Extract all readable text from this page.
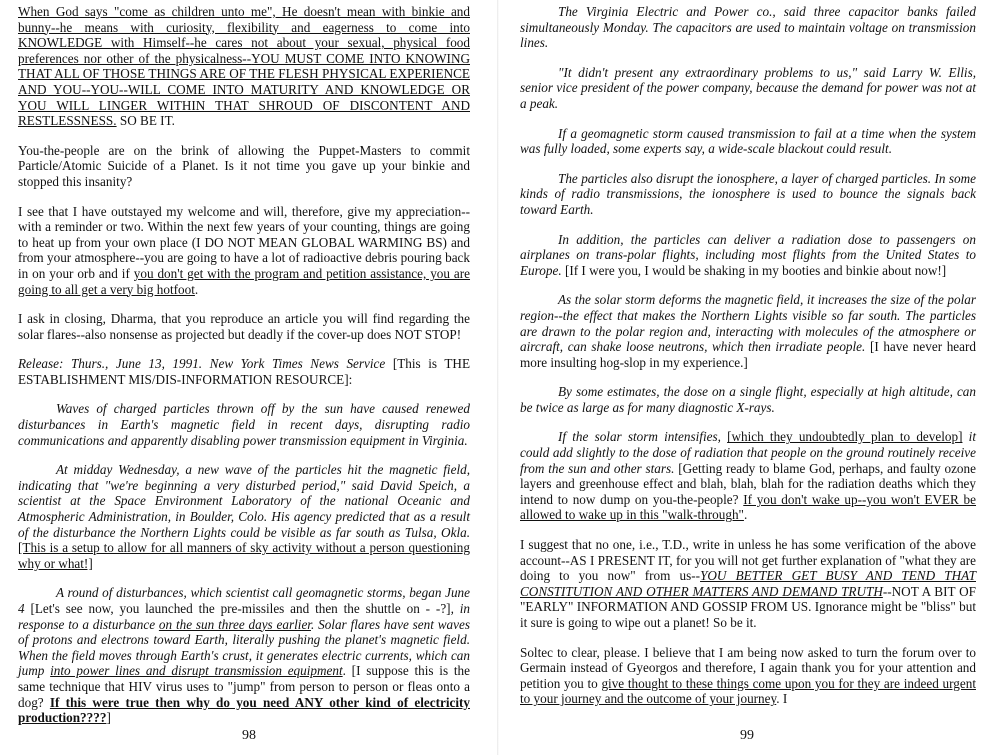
When God says "come as children unto me", He doesn't mean with binkie and bunny--he means with curiosity, flexibility and eagerness to come into KNOWLEDGE with Himself--he cares not about your sexual, physical food preferences nor other of the physicalness--YOU MUST COME INTO KNOWING THAT ALL OF THOSE THINGS ARE OF THE FLESH PHYSICAL EXPERIENCE AND YOU--YOU--WILL COME INTO MATURITY AND KNOWLEDGE OR YOU WILL LINGER WITHIN THAT SHROUD OF DISCONTENT AND RESTLESSNESS. SO BE IT.

You-the-people are on the brink of allowing the Puppet-Masters to commit Particle/Atomic Suicide of a Planet. Is it not time you gave up your binkie and stopped this insanity?

I see that I have outstayed my welcome and will, therefore, give my appreciation--with a reminder or two. Within the next few years of your counting, things are going to heat up from your own place (I DO NOT MEAN GLOBAL WARMING BS) and from your atmosphere--you are going to have a lot of radioactive debris pouring back in on your orb and if you don't get with the program and petition assistance, you are going to all get a very big hotfoot.

I ask in closing, Dharma, that you reproduce an article you will find regarding the solar flares--also nonsense as projected but deadly if the cover-up does NOT STOP!

Release: Thurs., June 13, 1991. New York Times News Service [This is THE ESTABLISHMENT MIS/DIS-INFORMATION RESOURCE]:

Waves of charged particles thrown off by the sun have caused renewed disturbances in Earth's magnetic field in recent days, disrupting radio communications and apparently disabling power transmission equipment in Virginia.

At midday Wednesday, a new wave of the particles hit the magnetic field, indicating that "we're beginning a very disturbed period," said David Speich, a scientist at the Space Environment Laboratory of the national Oceanic and Atmospheric Administration, in Boulder, Colo. His agency predicted that as a result of the disturbance the Northern Lights could be visible as far south as Tulsa, Okla. [This is a setup to allow for all manners of sky activity without a person questioning why or what!]

A round of disturbances, which scientist call geomagnetic storms, began June 4 [Let's see now, you launched the pre-missiles and then the shuttle on - -?], in response to a disturbance on the sun three days earlier. Solar flares have sent waves of protons and electrons toward Earth, literally pushing the planet's magnetic field. When the field moves through Earth's crust, it generates electric currents, which can jump into power lines and disrupt transmission equipment. [I suppose this is the same technique that HIV virus uses to "jump" from person to person or fleas onto a dog? If this were true then why do you need ANY other kind of electricity production????]

98

The Virginia Electric and Power co., said three capacitor banks failed simultaneously Monday. The capacitors are used to maintain voltage on transmission lines.

"It didn't present any extraordinary problems to us," said Larry W. Ellis, senior vice president of the power company, because the demand for power was not at a peak.

If a geomagnetic storm caused transmission to fail at a time when the system was fully loaded, some experts say, a wide-scale blackout could result.

The particles also disrupt the ionosphere, a layer of charged particles. In some kinds of radio transmissions, the ionosphere is used to bounce the signals back toward Earth.

In addition, the particles can deliver a radiation dose to passengers on airplanes on trans-polar flights, including most flights from the United States to Europe. [If I were you, I would be shaking in my booties and binkie about now!]

As the solar storm deforms the magnetic field, it increases the size of the polar region--the effect that makes the Northern Lights visible so far south. The particles are drawn to the polar region and, interacting with molecules of the atmosphere or aircraft, can shake loose neutrons, which then irradiate people. [I have never heard more insulting hog-slop in my experience.]

By some estimates, the dose on a single flight, especially at high altitude, can be twice as large as for many diagnostic X-rays.

If the solar storm intensifies, [which they undoubtedly plan to develop] it could add slightly to the dose of radiation that people on the ground routinely receive from the sun and other stars. [Getting ready to blame God, perhaps, and faulty ozone layers and greenhouse effect and blah, blah, blah for the radiation deaths which they intend to now dump on you-the-people? If you don't wake up--you won't EVER be allowed to wake up in this "walk-through".

I suggest that no one, i.e., T.D., write in unless he has some verification of the above account--AS I PRESENT IT, for you will not get further explanation of "what they are doing to you now" from us--YOU BETTER GET BUSY AND TEND THAT CONSTITUTION AND OTHER MATTERS AND DEMAND TRUTH--NOT A BIT OF "EARLY" INFORMATION AND GOSSIP FROM US. Ignorance might be "bliss" but it sure is going to wipe out a planet! So be it.

Soltec to clear, please. I believe that I am being now asked to turn the forum over to Germain instead of Gyeorgos and therefore, I again thank you for your attention and petition you to give thought to these things come upon you for they are indeed urgent to your journey and the outcome of your journey. I

99
